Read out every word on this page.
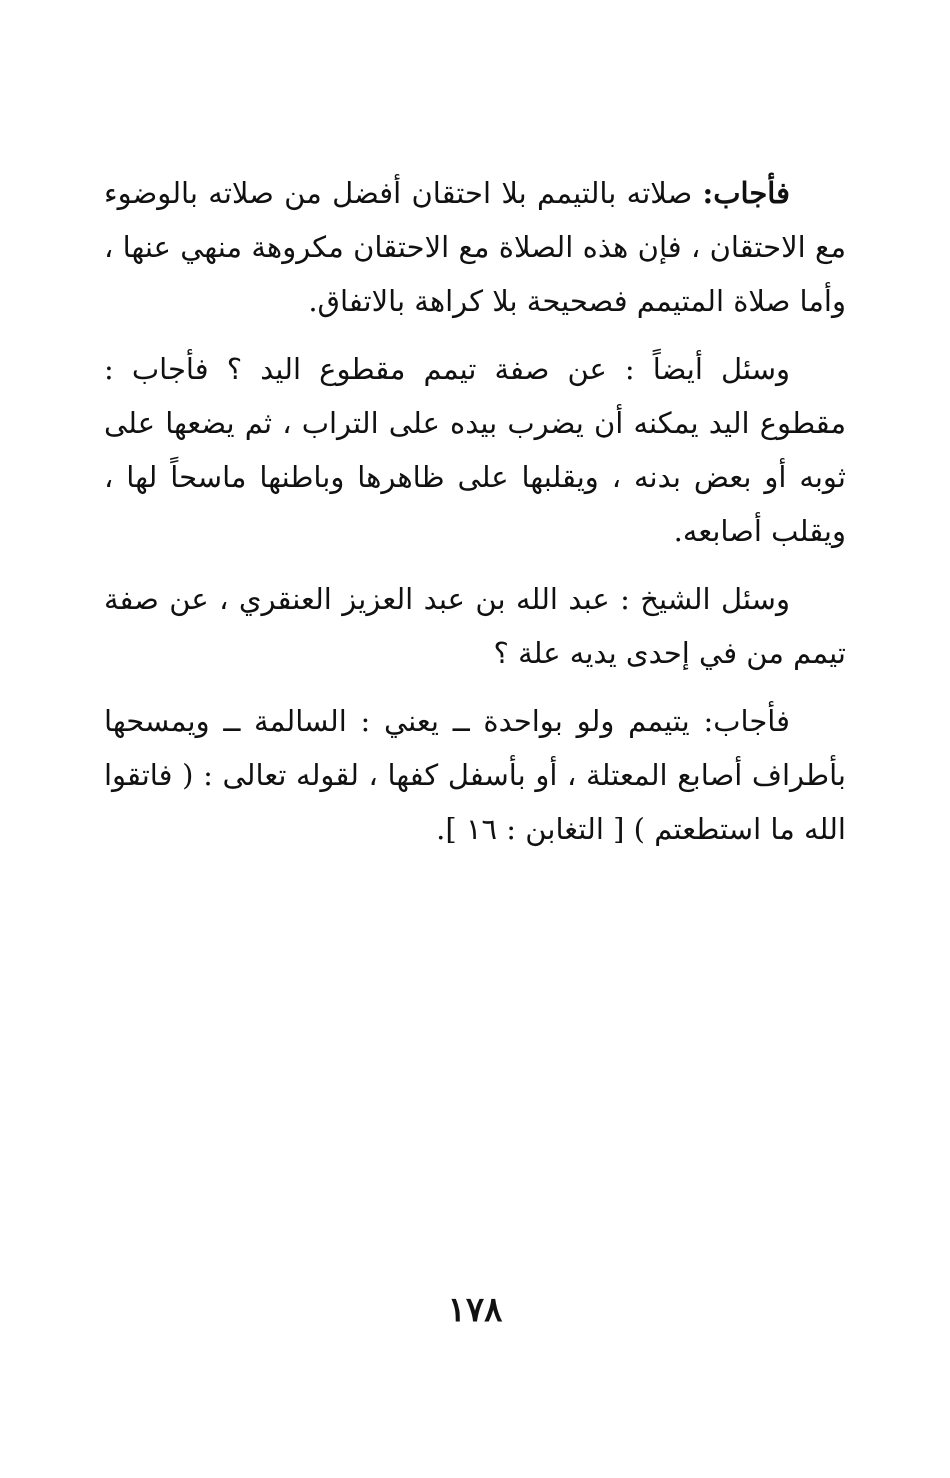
فأجاب: صلاته بالتيمم بلا احتقان أفضل من صلاته بالوضوء مع الاحتقان ، فإن هذه الصلاة مع الاحتقان مكروهة منهي عنها ، وأما صلاة المتيمم فصحيحة بلا كراهة بالاتفاق.

وسئل أيضاً : عن صفة تيمم مقطوع اليد ؟ فأجاب : مقطوع اليد يمكنه أن يضرب بيده على التراب ، ثم يضعها على ثوبه أو بعض بدنه ، ويقلبها على ظاهرها وباطنها ماسحاً لها ، ويقلب أصابعه.

وسئل الشيخ : عبد الله بن عبد العزيز العنقري ، عن صفة تيمم من في إحدى يديه علة ؟

فأجاب: يتيمم ولو بواحدة ــ يعني : السالمة ــ ويمسحها بأطراف أصابع المعتلة ، أو بأسفل كفها ، لقوله تعالى : ( فاتقوا الله ما استطعتم ) [ التغابن : ١٦ ].

١٧٨
